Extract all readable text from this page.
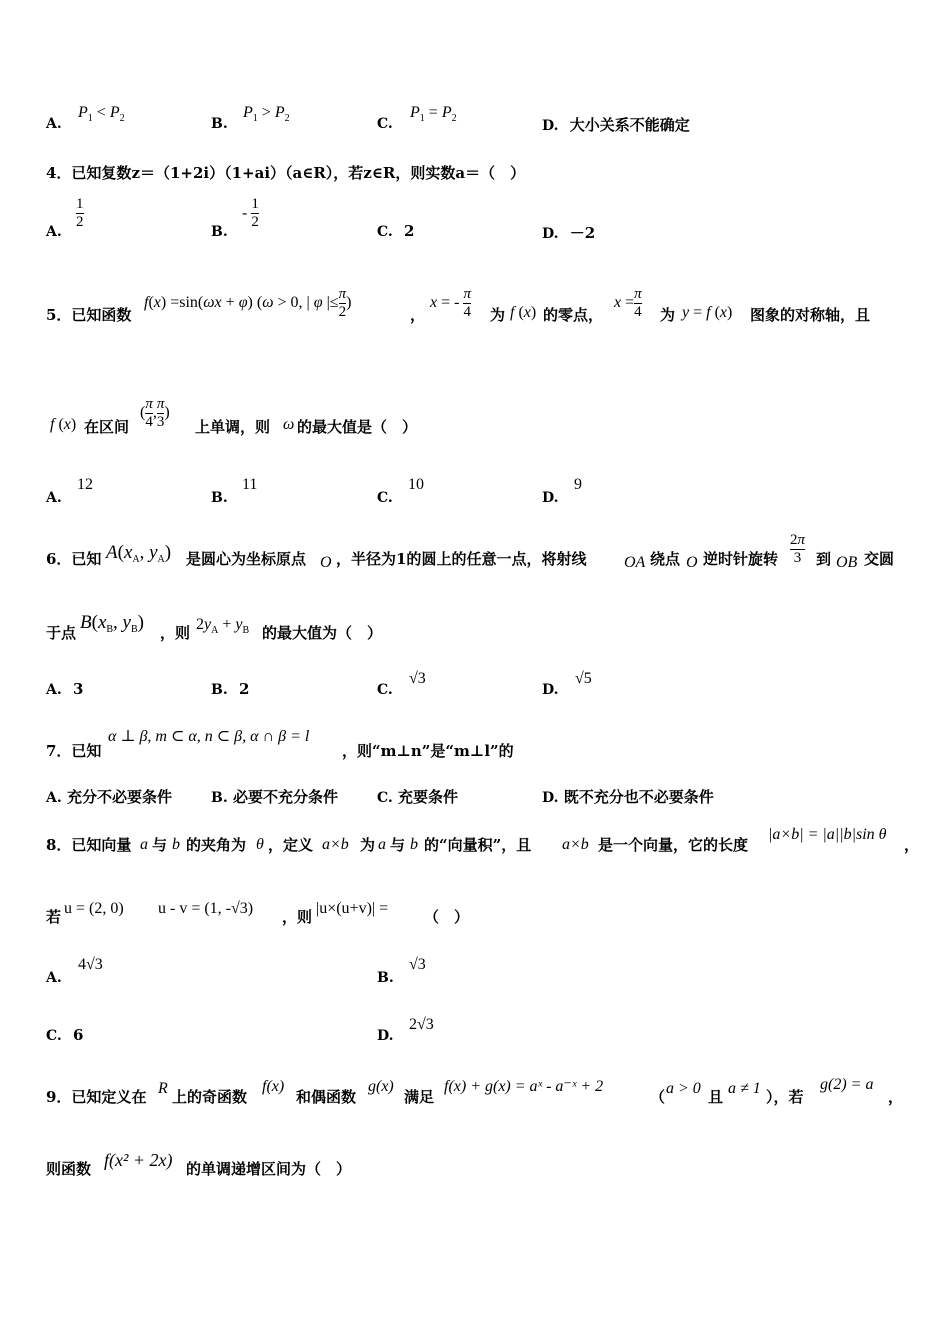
A.
$P_1 < P_2$	B.
$P_1 > P_2$	C.
$P_1 = P_2$	D. 大小关系不能确定
4．已知复数z＝（1+2i）（1+ai）（a∈R），若z∈R，则实数a＝（　）
A.
$\frac{1}{2}$
B.
- $\frac{1}{2}$
C. 2	D. －2
5．已知函数
f(x) =sin(ωx + φ) (ω > 0, | φ |≤ $\frac{\pi}{2}$ )
，
x = - $\frac{\pi}{4}$ 为 f (x) 的零点，
$x = \frac{\pi}{4}$ 为 y = f (x) 图象的对称轴，且
f (x) 在区间
( $\frac{\pi}{4}$ , $\frac{\pi}{3}$ )
上单调，则 ω 的最大值是（　）
A.
12
B.
11
C.
10
D.
9
6．已知 $A(x_A$, $y_A$) 是圆心为坐标原点 O ，半径为1的圆上的任意一点，将射线 OA 绕点 O 逆时针旋转 $\frac{2\pi}{3}$ 到 OB 交圆
于点 $B(x_B$, $y_B$) ，则 $2y_A + y_B$ 的最大值为（　）
A. 3	B. 2	C.
√3
D.
√5
7．已知
α ⊥ β, m ⊂ α, n ⊂ β, α ∩ β = l
，则“m⊥n”是“m⊥l”的
A. 充分不必要条件	B. 必要不充分条件	C. 充要条件	D. 既不充分也不必要条件
8．已知向量 a 与 b 的夹角为 θ ，定义 a×b 为 a 与 b 的“向量积”，且 a×b 是一个向量，它的长度
|a×b| = |a||b|sin θ
，
若 u = (2, 0) u - v = (1, -√3) ，则 |u×(u+v)| = （　）
A.
4√3
B.
√3
C. 6	D.
2√3
9．已知定义在 R 上的奇函数
f(x)
和偶函数
g(x)
满足
f(x) + g(x) = aˣ - a⁻ˣ + 2
（ a > 0 且 a ≠ 1 ），若
g(2) = a
，
则函数 f(x² + 2x) 的单调递增区间为（　）
